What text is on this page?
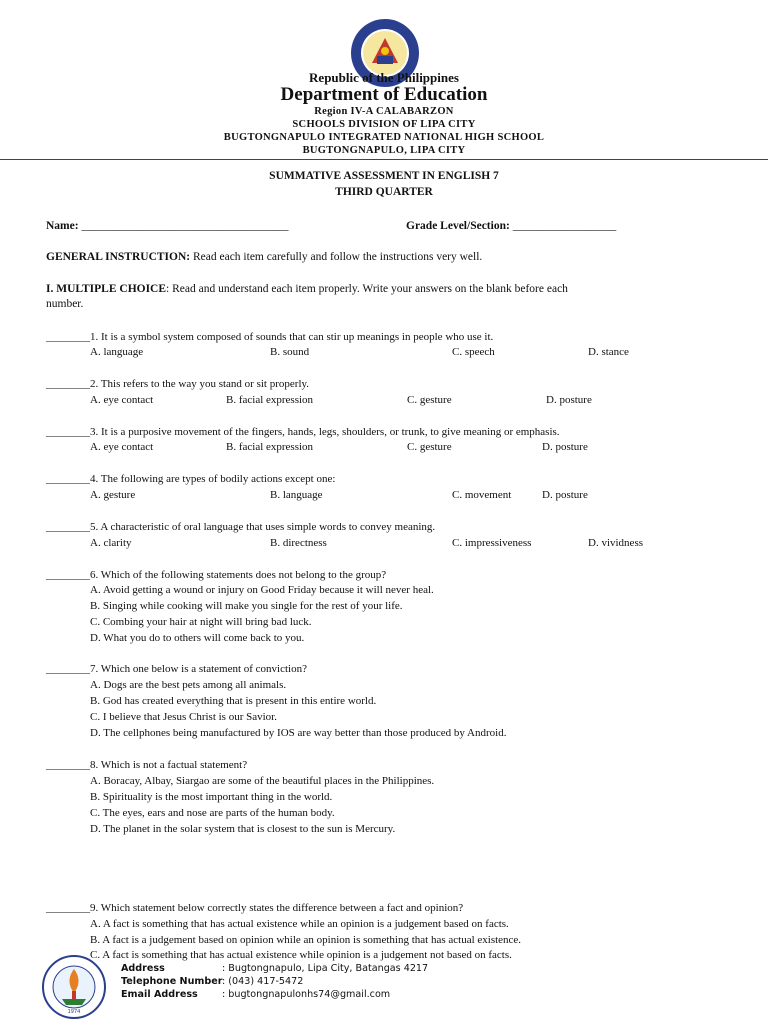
Republic of the Philippines
Department of Education
Region IV-A CALABARZON
SCHOOLS DIVISION OF LIPA CITY
BUGTONGNAPULO INTEGRATED NATIONAL HIGH SCHOOL
BUGTONGNAPULO, LIPA CITY
SUMMATIVE ASSESSMENT IN ENGLISH 7
THIRD QUARTER
Name: ____________________________________	Grade Level/Section: __________________
GENERAL INSTRUCTION: Read each item carefully and follow the instructions very well.
I. MULTIPLE CHOICE: Read and understand each item properly. Write your answers on the blank before each
number.
________1. It is a symbol system composed of sounds that can stir up meanings in people who use it.
A. language	B. sound	C. speech	D. stance
________2. This refers to the way you stand or sit properly.
A. eye contact	B. facial expression	C. gesture	D. posture
________3. It is a purposive movement of the fingers, hands, legs, shoulders, or trunk, to give meaning or emphasis.
A. eye contact	B. facial expression	C. gesture	D. posture
________4. The following are types of bodily actions except one:
A. gesture	B. language	C. movement	D. posture
________5. A characteristic of oral language that uses simple words to convey meaning.
A. clarity	B. directness	C. impressiveness	D. vividness
________6. Which of the following statements does not belong to the group?
A. Avoid getting a wound or injury on Good Friday because it will never heal.
B. Singing while cooking will make you single for the rest of your life.
C. Combing your hair at night will bring bad luck.
D. What you do to others will come back to you.
________7. Which one below is a statement of conviction?
A. Dogs are the best pets among all animals.
B. God has created everything that is present in this entire world.
C. I believe that Jesus Christ is our Savior.
D. The cellphones being manufactured by IOS are way better than those produced by Android.
________8. Which is not a factual statement?
A. Boracay, Albay, Siargao are some of the beautiful places in the Philippines.
B. Spirituality is the most important thing in the world.
C. The eyes, ears and nose are parts of the human body.
D. The planet in the solar system that is closest to the sun is Mercury.
________9. Which statement below correctly states the difference between a fact and opinion?
A. A fact is something that has actual existence while an opinion is a judgement based on facts.
B. A fact is a judgement based on opinion while an opinion is something that has actual existence.
C. A fact is something that has actual existence while opinion is a judgement not based on facts.
1974
Address	: Bugtongnapulo, Lipa City, Batangas 4217
Telephone Number : (043) 417-5472
Email Address	: bugtongnapulonhs74@gmail.com
